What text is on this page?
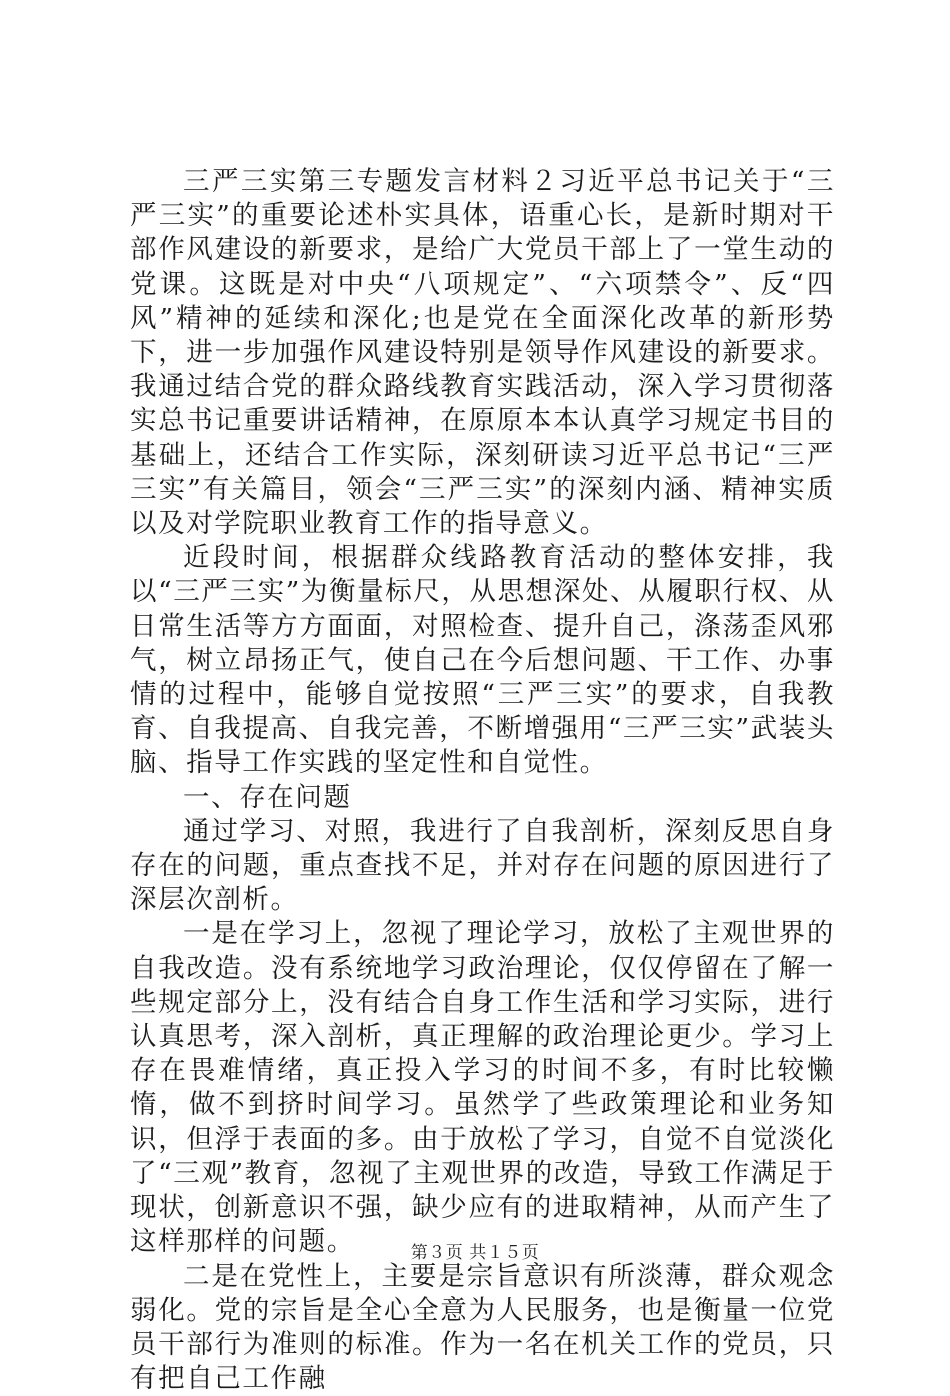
三严三实第三专题发言材料２习近平总书记关于“三严三实”的重要论述朴实具体，语重心长，是新时期对干部作风建设的新要求，是给广大党员干部上了一堂生动的党课。这既是对中央“八项规定”、“六项禁令”、反“四风”精神的延续和深化;也是党在全面深化改革的新形势下，进一步加强作风建设特别是领导作风建设的新要求。我通过结合党的群众路线教育实践活动，深入学习贯彻落实总书记重要讲话精神，在原原本本认真学习规定书目的基础上，还结合工作实际，深刻研读习近平总书记“三严三实”有关篇目，领会“三严三实”的深刻内涵、精神实质以及对学院职业教育工作的指导意义。

近段时间，根据群众线路教育活动的整体安排，我以“三严三实”为衡量标尺，从思想深处、从履职行权、从日常生活等方方面面，对照检查、提升自己，涤荡歪风邪气，树立昂扬正气，使自己在今后想问题、干工作、办事情的过程中，能够自觉按照“三严三实”的要求，自我教育、自我提高、自我完善，不断增强用“三严三实”武装头脑、指导工作实践的坚定性和自觉性。

一、存在问题

通过学习、对照，我进行了自我剖析，深刻反思自身存在的问题，重点查找不足，并对存在问题的原因进行了深层次剖析。

一是在学习上，忽视了理论学习，放松了主观世界的自我改造。没有系统地学习政治理论，仅仅停留在了解一些规定部分上，没有结合自身工作生活和学习实际，进行认真思考，深入剖析，真正理解的政治理论更少。学习上存在畏难情绪，真正投入学习的时间不多，有时比较懒惰，做不到挤时间学习。虽然学了些政策理论和业务知识，但浮于表面的多。由于放松了学习，自觉不自觉淡化了“三观”教育，忽视了主观世界的改造，导致工作满足于现状，创新意识不强，缺少应有的进取精神，从而产生了这样那样的问题。

二是在党性上，主要是宗旨意识有所淡薄，群众观念弱化。党的宗旨是全心全意为人民服务，也是衡量一位党员干部行为准则的标准。作为一名在机关工作的党员，只有把自己工作融

第３页 共１５页
